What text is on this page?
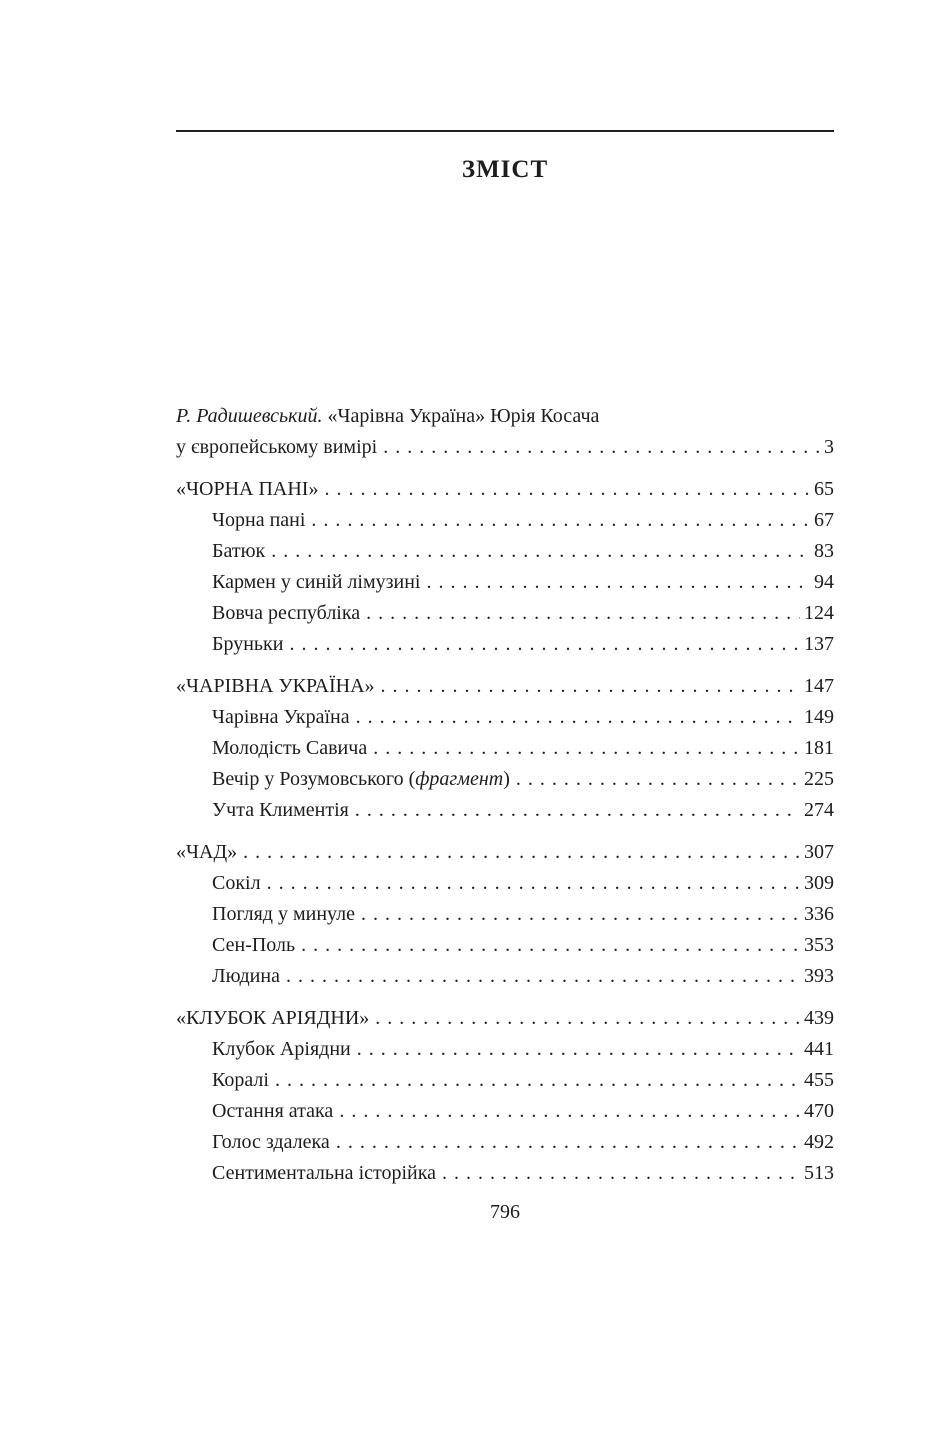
ЗМІСТ
Р. Радишевський. «Чарівна Україна» Юрія Косача
у європейському вимірі .....	3
«ЧОРНА ПАНІ» .....	65
Чорна пані .....	67
Батюк .....	83
Кармен у синій лімузині .....	94
Вовча республіка .....	124
Бруньки .....	137
«ЧАРІВНА УКРАЇНА» .....	147
Чарівна Україна .....	149
Молодість Савича .....	181
Вечір у Розумовського ( фрагмент ) .....	225
Учта Климентія .....	274
«ЧАД» .....	307
Сокіл .....	309
Погляд у минуле .....	336
Сен-Поль .....	353
Людина .....	393
«КЛУБОК АРІЯДНИ» .....	439
Клубок Аріядни .....	441
Коралі .....	455
Остання атака .....	470
Голос здалека .....	492
Сентиментальна історійка .....	513
796
